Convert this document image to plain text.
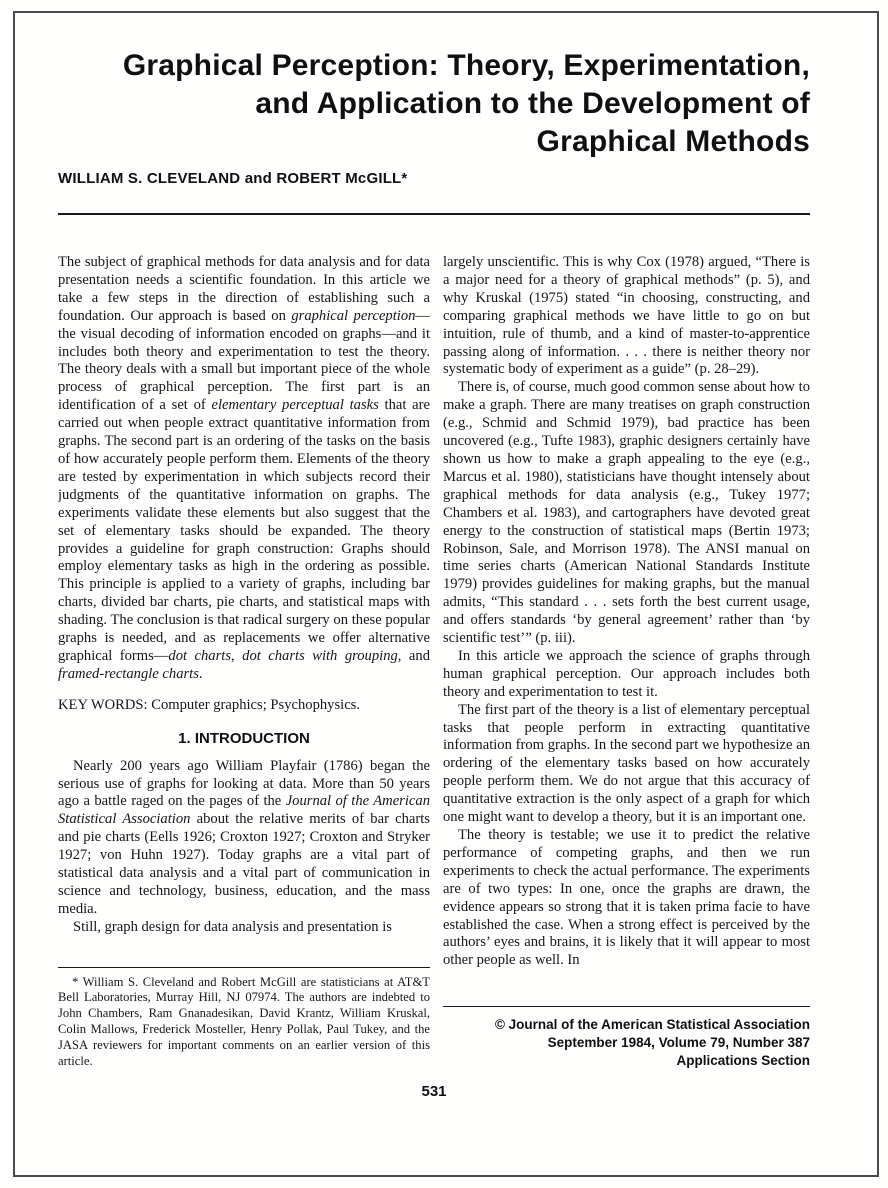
Graphical Perception: Theory, Experimentation,
and Application to the Development of
Graphical Methods
WILLIAM S. CLEVELAND and ROBERT McGILL*

The subject of graphical methods for data analysis and for data presentation needs a scientific foundation. In this article we take a few steps in the direction of establishing such a foundation. Our approach is based on graphical perception—the visual decoding of information encoded on graphs—and it includes both theory and experimentation to test the theory. The theory deals with a small but important piece of the whole process of graphical perception. The first part is an identification of a set of elementary perceptual tasks that are carried out when people extract quantitative information from graphs. The second part is an ordering of the tasks on the basis of how accurately people perform them. Elements of the theory are tested by experimentation in which subjects record their judgments of the quantitative information on graphs. The experiments validate these elements but also suggest that the set of elementary tasks should be expanded. The theory provides a guideline for graph construction: Graphs should employ elementary tasks as high in the ordering as possible. This principle is applied to a variety of graphs, including bar charts, divided bar charts, pie charts, and statistical maps with shading. The conclusion is that radical surgery on these popular graphs is needed, and as replacements we offer alternative graphical forms—dot charts, dot charts with grouping, and framed-rectangle charts.

KEY WORDS: Computer graphics; Psychophysics.

1. INTRODUCTION

Nearly 200 years ago William Playfair (1786) began the serious use of graphs for looking at data. More than 50 years ago a battle raged on the pages of the Journal of the American Statistical Association about the relative merits of bar charts and pie charts (Eells 1926; Croxton 1927; Croxton and Stryker 1927; von Huhn 1927). Today graphs are a vital part of statistical data analysis and a vital part of communication in science and technology, business, education, and the mass media.

Still, graph design for data analysis and presentation is

* William S. Cleveland and Robert McGill are statisticians at AT&T Bell Laboratories, Murray Hill, NJ 07974. The authors are indebted to John Chambers, Ram Gnanadesikan, David Krantz, William Kruskal, Colin Mallows, Frederick Mosteller, Henry Pollak, Paul Tukey, and the JASA reviewers for important comments on an earlier version of this article.

largely unscientific. This is why Cox (1978) argued, “There is a major need for a theory of graphical methods” (p. 5), and why Kruskal (1975) stated “in choosing, constructing, and comparing graphical methods we have little to go on but intuition, rule of thumb, and a kind of master-to-apprentice passing along of information. . . . there is neither theory nor systematic body of experiment as a guide” (p. 28–29).

There is, of course, much good common sense about how to make a graph. There are many treatises on graph construction (e.g., Schmid and Schmid 1979), bad practice has been uncovered (e.g., Tufte 1983), graphic designers certainly have shown us how to make a graph appealing to the eye (e.g., Marcus et al. 1980), statisticians have thought intensely about graphical methods for data analysis (e.g., Tukey 1977; Chambers et al. 1983), and cartographers have devoted great energy to the construction of statistical maps (Bertin 1973; Robinson, Sale, and Morrison 1978). The ANSI manual on time series charts (American National Standards Institute 1979) provides guidelines for making graphs, but the manual admits, “This standard . . . sets forth the best current usage, and offers standards ‘by general agreement’ rather than ‘by scientific test’” (p. iii).

In this article we approach the science of graphs through human graphical perception. Our approach includes both theory and experimentation to test it.

The first part of the theory is a list of elementary perceptual tasks that people perform in extracting quantitative information from graphs. In the second part we hypothesize an ordering of the elementary tasks based on how accurately people perform them. We do not argue that this accuracy of quantitative extraction is the only aspect of a graph for which one might want to develop a theory, but it is an important one.

The theory is testable; we use it to predict the relative performance of competing graphs, and then we run experiments to check the actual performance. The experiments are of two types: In one, once the graphs are drawn, the evidence appears so strong that it is taken prima facie to have established the case. When a strong effect is perceived by the authors’ eyes and brains, it is likely that it will appear to most other people as well. In

© Journal of the American Statistical Association
September 1984, Volume 79, Number 387
Applications Section
531
